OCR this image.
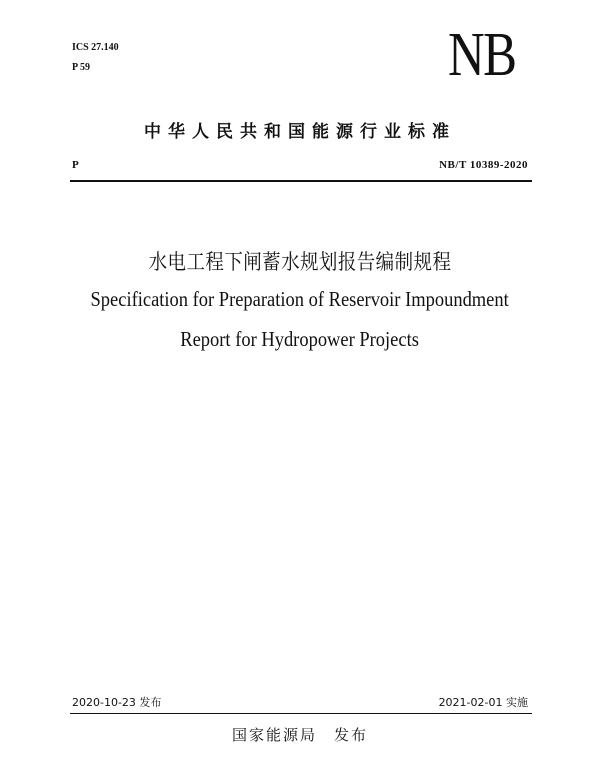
ICS 27.140
P 59	NB
中华人民共和国能源行业标准
P	NB/T 10389-2020
水电工程下闸蓄水规划报告编制规程
Specification for Preparation of Reservoir Impoundment
Report for Hydropower Projects
2020-10-23 发布	2021-02-01 实施
国家能源局　发布
